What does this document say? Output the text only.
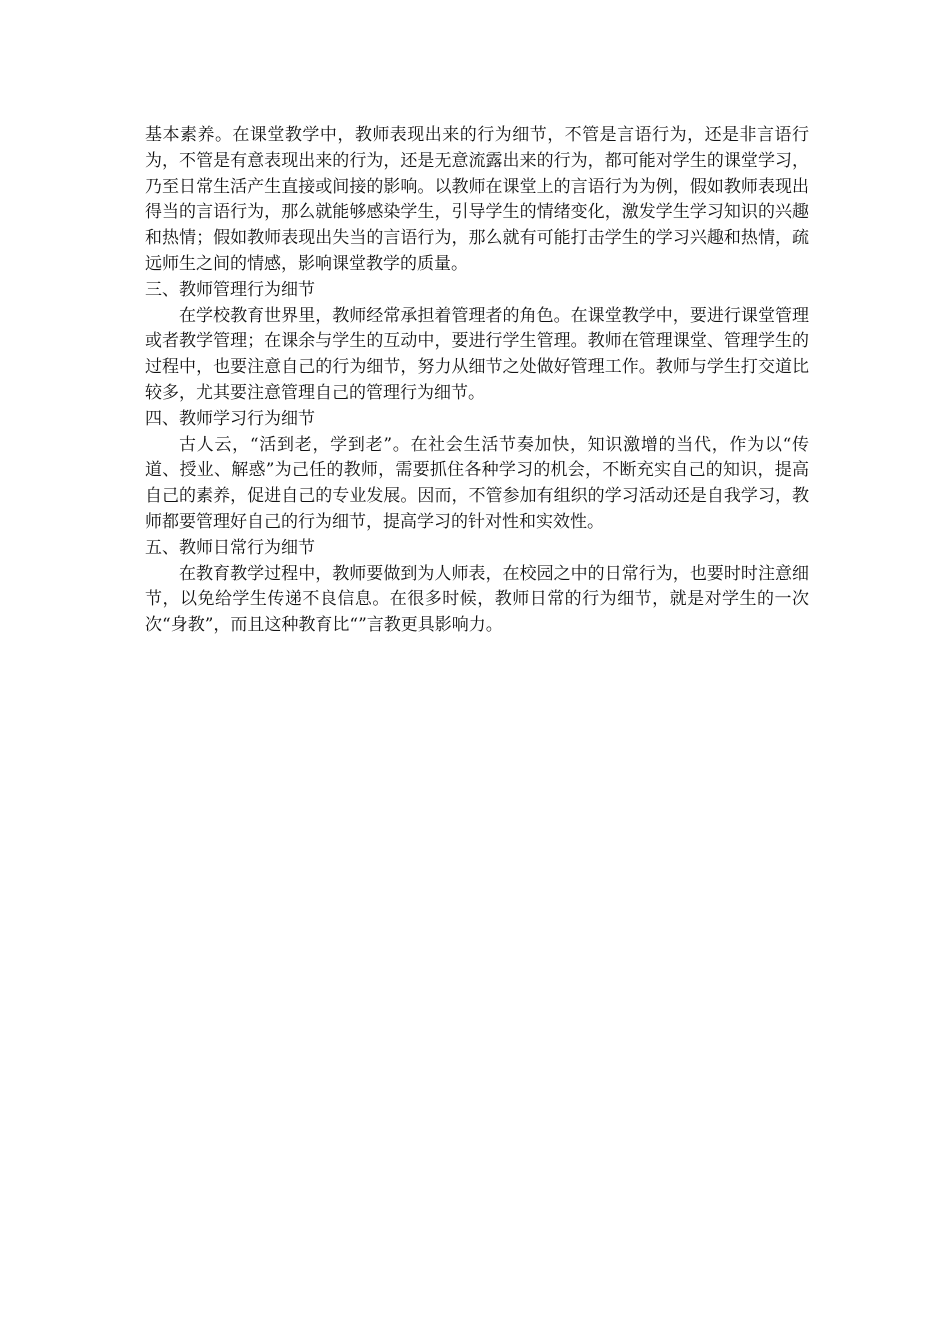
基本素养。在课堂教学中，教师表现出来的行为细节，不管是言语行为，还是非言语行为，不管是有意表现出来的行为，还是无意流露出来的行为，都可能对学生的课堂学习，乃至日常生活产生直接或间接的影响。以教师在课堂上的言语行为为例，假如教师表现出得当的言语行为，那么就能够感染学生，引导学生的情绪变化，激发学生学习知识的兴趣和热情；假如教师表现出失当的言语行为，那么就有可能打击学生的学习兴趣和热情，疏远师生之间的情感，影响课堂教学的质量。

三、教师管理行为细节

在学校教育世界里，教师经常承担着管理者的角色。在课堂教学中，要进行课堂管理或者教学管理；在课余与学生的互动中，要进行学生管理。教师在管理课堂、管理学生的过程中，也要注意自己的行为细节，努力从细节之处做好管理工作。教师与学生打交道比较多，尤其要注意管理自己的管理行为细节。

四、教师学习行为细节

古人云，“活到老，学到老”。在社会生活节奏加快，知识激增的当代，作为以“传道、授业、解惑”为己任的教师，需要抓住各种学习的机会，不断充实自己的知识，提高自己的素养，促进自己的专业发展。因而，不管参加有组织的学习活动还是自我学习，教师都要管理好自己的行为细节，提高学习的针对性和实效性。

五、教师日常行为细节

在教育教学过程中，教师要做到为人师表，在校园之中的日常行为，也要时时注意细节，以免给学生传递不良信息。在很多时候，教师日常的行为细节，就是对学生的一次次“身教”，而且这种教育比“”言教更具影响力。
